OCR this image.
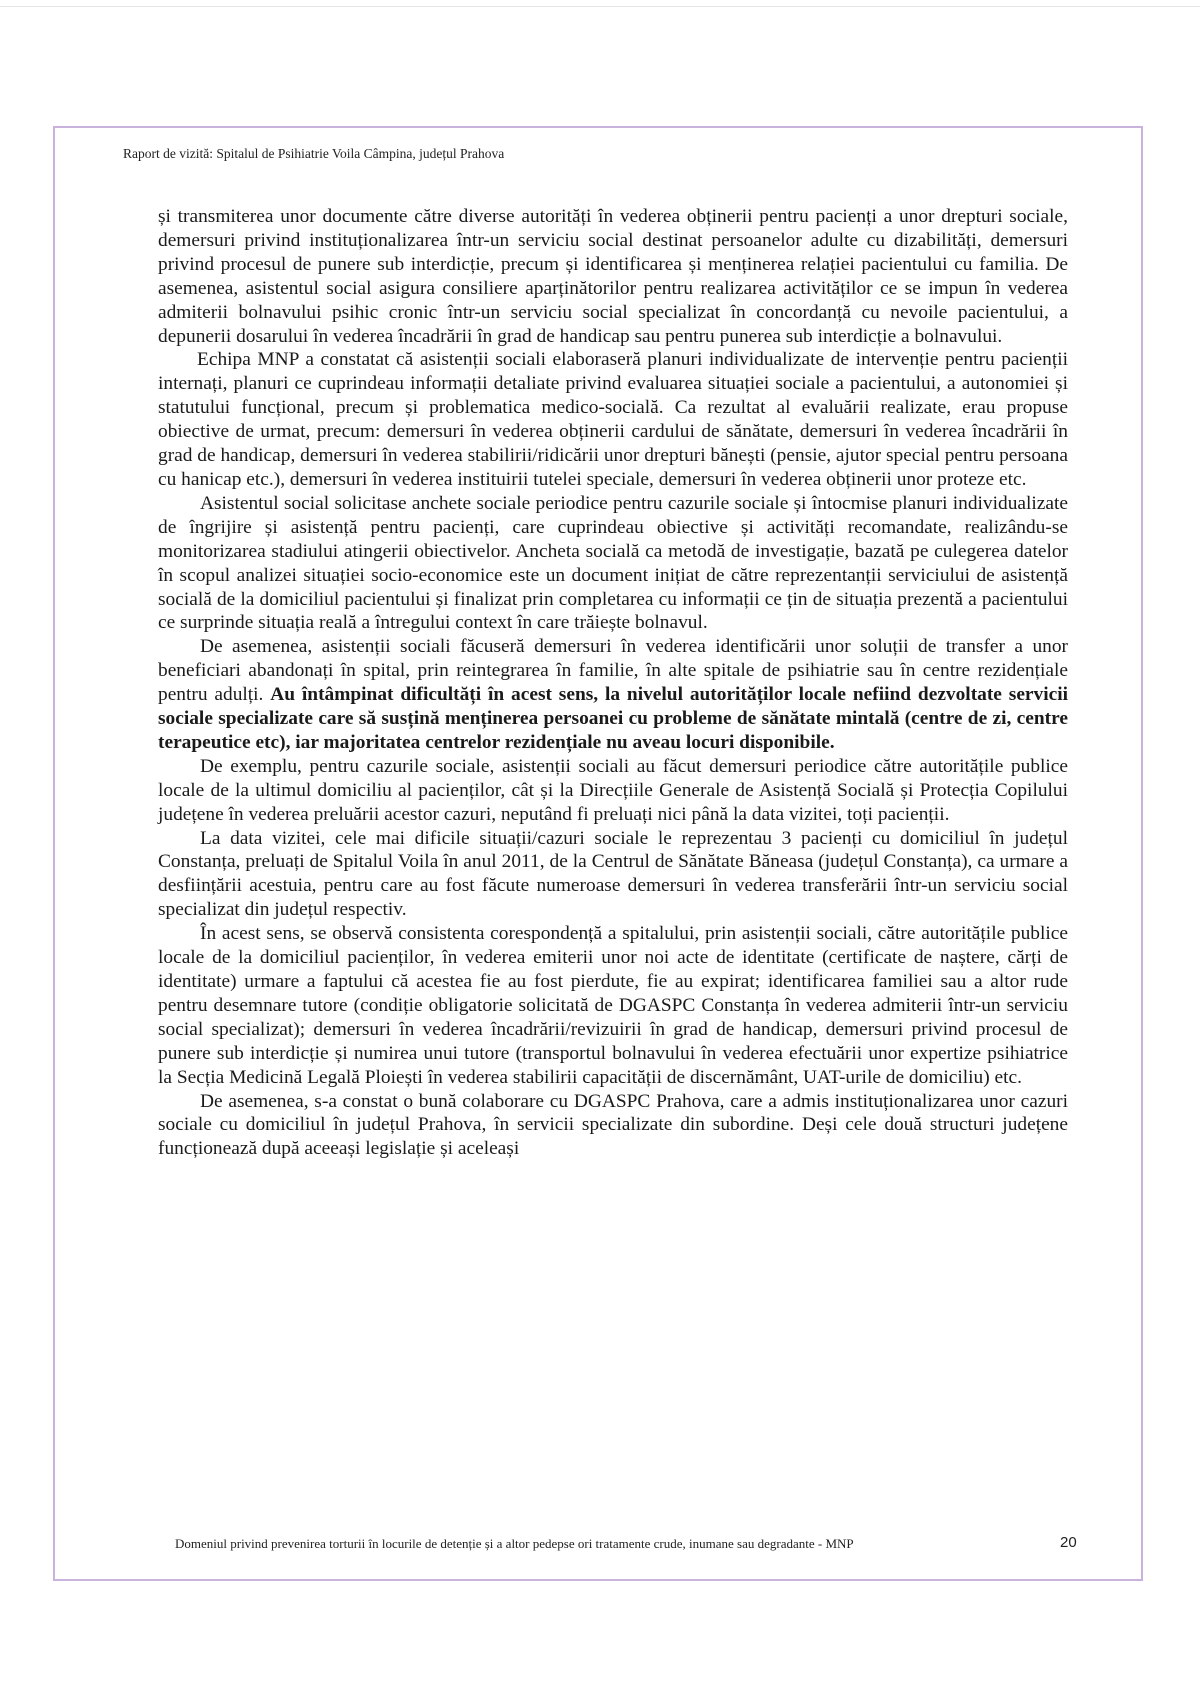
Raport de vizită: Spitalul de Psihiatrie Voila Câmpina, județul Prahova

și transmiterea unor documente către diverse autorități în vederea obținerii pentru pacienți a unor drepturi sociale, demersuri privind instituționalizarea într-un serviciu social destinat persoanelor adulte cu dizabilități, demersuri privind procesul de punere sub interdicție, precum și identificarea și menținerea relației pacientului cu familia. De asemenea, asistentul social asigura consiliere aparținătorilor pentru realizarea activităților ce se impun în vederea admiterii bolnavului psihic cronic într-un serviciu social specializat în concordanță cu nevoile pacientului, a depunerii dosarului în vederea încadrării în grad de handicap sau pentru punerea sub interdicție a bolnavului.

Echipa MNP a constatat că asistenții sociali elaboraseră planuri individualizate de intervenție pentru pacienții internați, planuri ce cuprindeau informații detaliate privind evaluarea situației sociale a pacientului, a autonomiei și statutului funcțional, precum și problematica medico-socială. Ca rezultat al evaluării realizate, erau propuse obiective de urmat, precum: demersuri în vederea obținerii cardului de sănătate, demersuri în vederea încadrării în grad de handicap, demersuri în vederea stabilirii/ridicării unor drepturi bănești (pensie, ajutor special pentru persoana cu hanicap etc.), demersuri în vederea instituirii tutelei speciale, demersuri în vederea obținerii unor proteze etc.

Asistentul social solicitase anchete sociale periodice pentru cazurile sociale și întocmise planuri individualizate de îngrijire și asistență pentru pacienți, care cuprindeau obiective și activități recomandate, realizându-se monitorizarea stadiului atingerii obiectivelor. Ancheta socială ca metodă de investigație, bazată pe culegerea datelor în scopul analizei situației socio-economice este un document inițiat de către reprezentanții serviciului de asistență socială de la domiciliul pacientului și finalizat prin completarea cu informații ce țin de situația prezentă a pacientului ce surprinde situația reală a întregului context în care trăiește bolnavul.

De asemenea, asistenții sociali făcuseră demersuri în vederea identificării unor soluții de transfer a unor beneficiari abandonați în spital, prin reintegrarea în familie, în alte spitale de psihiatrie sau în centre rezidențiale pentru adulți. Au întâmpinat dificultăți în acest sens, la nivelul autorităților locale nefiind dezvoltate servicii sociale specializate care să susțină menținerea persoanei cu probleme de sănătate mintală (centre de zi, centre terapeutice etc), iar majoritatea centrelor rezidențiale nu aveau locuri disponibile.

De exemplu, pentru cazurile sociale, asistenții sociali au făcut demersuri periodice către autoritățile publice locale de la ultimul domiciliu al pacienților, cât și la Direcțiile Generale de Asistență Socială și Protecția Copilului județene în vederea preluării acestor cazuri, neputând fi preluați nici până la data vizitei, toți pacienții.

La data vizitei, cele mai dificile situații/cazuri sociale le reprezentau 3 pacienți cu domiciliul în județul Constanța, preluați de Spitalul Voila în anul 2011, de la Centrul de Sănătate Băneasa (județul Constanța), ca urmare a desființării acestuia, pentru care au fost făcute numeroase demersuri în vederea transferării într-un serviciu social specializat din județul respectiv.

În acest sens, se observă consistenta corespondență a spitalului, prin asistenții sociali, către autoritățile publice locale de la domiciliul pacienților, în vederea emiterii unor noi acte de identitate (certificate de naștere, cărți de identitate) urmare a faptului că acestea fie au fost pierdute, fie au expirat; identificarea familiei sau a altor rude pentru desemnare tutore (condiție obligatorie solicitată de DGASPC Constanța în vederea admiterii într-un serviciu social specializat); demersuri în vederea încadrării/revizuirii în grad de handicap, demersuri privind procesul de punere sub interdicție și numirea unui tutore (transportul bolnavului în vederea efectuării unor expertize psihiatrice la Secția Medicină Legală Ploiești în vederea stabilirii capacității de discernământ, UAT-urile de domiciliu) etc.

De asemenea, s-a constat o bună colaborare cu DGASPC Prahova, care a admis instituționalizarea unor cazuri sociale cu domiciliul în județul Prahova, în servicii specializate din subordine. Deși cele două structuri județene funcționează după aceeași legislație și aceleași

Domeniul privind prevenirea torturii în locurile de detenție și a altor pedepse ori tratamente crude, inumane sau degradante - MNP	20
